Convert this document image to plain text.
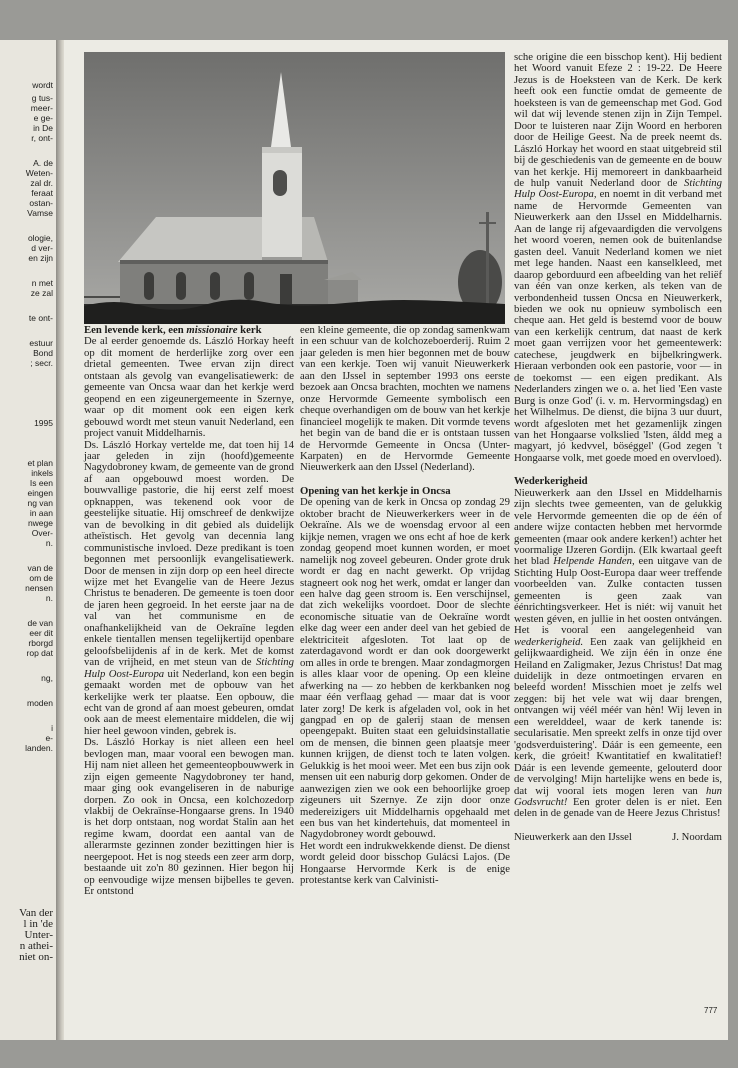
wordt
g tus-
meer-
e ge-
in De
r, ont-
A. de
Weten-
zal dr.
feraat
ostan-
Vamse
ologie,
d ver-
en zijn
n met
ze zal
te ont-
estuur
Bond
; secr.
1995
et plan
inkels
Is een
eingen
ng van
in aan
nwege
Over-
n.
van de
om de
nensen
n.
de van
eer dit
rborgd
rop dat
ng,
moden
i
e-
landen.
Van der
l in 'de
Unter-
n athei-
niet on-

Een levende kerk, een missionaire kerk

De al eerder genoemde ds. László Horkay heeft op dit moment de herderlijke zorg over een drietal gemeenten. Twee ervan zijn direct ontstaan als gevolg van evangelisatiewerk: de gemeente van Oncsa waar dan het kerkje werd geopend en een zigeunergemeente in Szernye, waar op dit moment ook een eigen kerk gebouwd wordt met steun vanuit Nederland, een project vanuit Middelharnis.

Ds. László Horkay vertelde me, dat toen hij 14 jaar geleden in zijn (hoofd)gemeente Nagydobroney kwam, de gemeente van de grond af aan opgebouwd moest worden. De bouwvallige pastorie, die hij eerst zelf moest opknappen, was tekenend ook voor de geestelijke situatie. Hij omschreef de denkwijze van de bevolking in dit gebied als duidelijk atheïstisch. Het gevolg van decennia lang communistische invloed. Deze predikant is toen begonnen met persoonlijk evangelisatiewerk. Door de mensen in zijn dorp op een heel directe wijze met het Evangelie van de Heere Jezus Christus te benaderen. De gemeente is toen door de jaren heen gegroeid. In het eerste jaar na de val van het communisme en de onafhankelijkheid van de Oekraïne legden enkele tientallen mensen tegelijkertijd openbare geloofsbelijdenis af in de kerk. Met de komst van de vrijheid, en met steun van de Stichting Hulp Oost-Europa uit Nederland, kon een begin gemaakt worden met de opbouw van het kerkelijke werk ter plaatse. Een opbouw, die echt van de grond af aan moest gebeuren, omdat ook aan de meest elementaire middelen, die wij hier heel gewoon vinden, gebrek is.

Ds. László Horkay is niet alleen een heel bevlogen man, maar vooral een bewogen man. Hij nam niet alleen het gemeenteopbouwwerk in zijn eigen gemeente Nagydobroney ter hand, maar ging ook evangeliseren in de naburige dorpen. Zo ook in Oncsa, een kolchozedorp vlakbij de Oekraïnse-Hongaarse grens. In 1940 is het dorp ontstaan, nog wordat Stalin aan het regime kwam, doordat een aantal van de allerarmste gezinnen zonder bezittingen hier is neergepoot. Het is nog steeds een zeer arm dorp, bestaande uit zo'n 80 gezinnen. Hier begon hij op eenvoudige wijze mensen bijbelles te geven. Er ontstond

een kleine gemeente, die op zondag samenkwam in een schuur van de kolchozeboerderij. Ruim 2 jaar geleden is men hier begonnen met de bouw van een kerkje. Toen wij vanuit Nieuwerkerk aan den IJssel in september 1993 ons eerste bezoek aan Oncsa brachten, mochten we namens onze Hervormde Gemeente symbolisch een cheque overhandigen om de bouw van het kerkje financieel mogelijk te maken. Dit vormde tevens het begin van de band die er is ontstaan tussen de Hervormde Gemeente in Oncsa (Unter-Karpaten) en de Hervormde Gemeente Nieuwerkerk aan den IJssel (Nederland).

Opening van het kerkje in Oncsa

De opening van de kerk in Oncsa op zondag 29 oktober bracht de Nieuwerkerkers weer in de Oekraïne. Als we de woensdag ervoor al een kijkje nemen, vragen we ons echt af hoe de kerk zondag geopend moet kunnen worden, er moet namelijk nog zoveel gebeuren. Onder grote druk wordt er dag en nacht gewerkt. Op vrijdag stagneert ook nog het werk, omdat er langer dan een halve dag geen stroom is. Een verschijnsel, dat zich wekelijks voordoet. Door de slechte economische situatie van de Oekraïne wordt elke dag weer een ander deel van het gebied de elektriciteit afgesloten. Tot laat op de zaterdagavond wordt er dan ook doorgewerkt om alles in orde te brengen. Maar zondagmorgen is alles klaar voor de opening. Op een kleine afwerking na — zo hebben de kerkbanken nog maar één verflaag gehad — maar dat is voor later zorg! De kerk is afgeladen vol, ook in het gangpad en op de galerij staan de mensen opeengepakt. Buiten staat een geluidsinstallatie om de mensen, die binnen geen plaatsje meer kunnen krijgen, de dienst toch te laten volgen. Gelukkig is het mooi weer. Met een bus zijn ook mensen uit een naburig dorp gekomen. Onder de aanwezigen zien we ook een behoorlijke groep zigeuners uit Szernye. Ze zijn door onze medereizigers uit Middelharnis opgehaald met een bus van het kindertehuis, dat momenteel in Nagydobroney wordt gebouwd.

Het wordt een indrukwekkende dienst. De dienst wordt geleid door bisschop Gulácsi Lajos. (De Hongaarse Hervormde Kerk is de enige protestantse kerk van Calvinisti-

sche origine die een bisschop kent). Hij bedient het Woord vanuit Efeze 2 : 19-22. De Heere Jezus is de Hoeksteen van de Kerk. De kerk heeft ook een functie omdat de gemeente de hoeksteen is van de gemeenschap met God. God wil dat wij levende stenen zijn in Zijn Tempel. Door te luisteren naar Zijn Woord en herboren door de Heilige Geest. Na de preek neemt ds. László Horkay het woord en staat uitgebreid stil bij de geschiedenis van de gemeente en de bouw van het kerkje. Hij memoreert in dankbaarheid de hulp vanuit Nederland door de Stichting Hulp Oost-Europa, en noemt in dit verband met name de Hervormde Gemeenten van Nieuwerkerk aan den IJssel en Middelharnis. Aan de lange rij afgevaardigden die vervolgens het woord voeren, nemen ook de buitenlandse gasten deel. Vanuit Nederland komen we niet met lege handen. Naast een kanselkleed, met daarop geborduurd een afbeelding van het reliëf van één van onze kerken, als teken van de verbondenheid tussen Oncsa en Nieuwerkerk, bieden we ook nu opnieuw symbolisch een cheque aan. Het geld is bestemd voor de bouw van een kerkelijk centrum, dat naast de kerk moet gaan verrijzen voor het gemeentewerk: catechese, jeugdwerk en bijbelkringwerk. Hieraan verbonden ook een pastorie, voor — in de toekomst — een eigen predikant. Als Nederlanders zingen we o. a. het lied 'Een vaste Burg is onze God' (i. v. m. Hervormingsdag) en het Wilhelmus. De dienst, die bijna 3 uur duurt, wordt afgesloten met het gezamenlijk zingen van het Hongaarse volkslied 'Isten, áldd meg a magyart, jó kedvvel, böséggel' (God zegen 't Hongaarse volk, met goede moed en overvloed).

Wederkerigheid

Nieuwerkerk aan den IJssel en Middelharnis zijn slechts twee gemeenten, van de gelukkig vele Hervormde gemeenten die op de één of andere wijze contacten hebben met hervormde gemeenten (maar ook andere kerken!) achter het voormalige IJzeren Gordijn. (Elk kwartaal geeft het blad Helpende Handen, een uitgave van de Stichting Hulp Oost-Europa daar weer treffende voorbeelden van. Zulke contacten tussen gemeenten is geen zaak van éénrichtingsverkeer. Het is niét: wij vanuit het westen géven, en jullie in het oosten ontvángen. Het is vooral een aangelegenheid van wederkerigheid. Een zaak van gelijkheid en gelijkwaardigheid. We zijn één in onze éne Heiland en Zaligmaker, Jezus Christus! Dat mag duidelijk in deze ontmoetingen ervaren en beleefd worden! Misschien moet je zelfs wel zeggen: bij het vele wat wij daar brengen, ontvangen wij véél méér van hèn! Wij leven in een werelddeel, waar de kerk tanende is: secularisatie. Men spreekt zelfs in onze tijd over 'godsverduistering'. Dáár is een gemeente, een kerk, die gróeit! Kwantitatief en kwalitatief! Dáár is een levende gemeente, gelouterd door de vervolging! Mijn hartelijke wens en bede is, dat wij vooral iets mogen leren van hun Godsvrucht! Een groter delen is er niet. Een delen in de genade van de Heere Jezus Christus!

Nieuwerkerk aan den IJssel	J. Noordam
777
